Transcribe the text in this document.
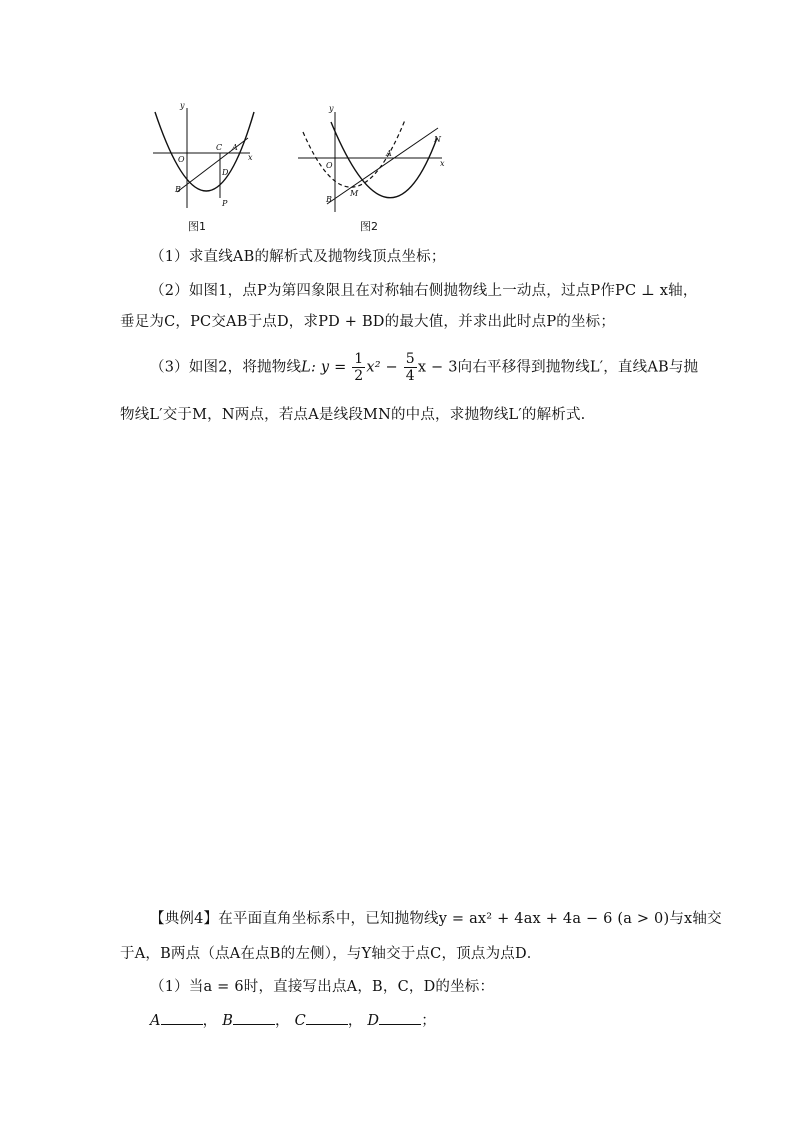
y
O	x
C A
D
B
P
图1
y
O	x
A
N
B
M
图2
（1）求直线AB的解析式及抛物线顶点坐标；
（2）如图1，点P为第四象限且在对称轴右侧抛物线上一动点，过点P作PC ⊥ x轴，
垂足为C，PC交AB于点D，求PD + BD的最大值，并求出此时点P的坐标；
（3）如图2，将抛物线L: $y = \frac{1}{2} x^2 - \frac{5}{4}$ x − 3向右平移得到抛物线L′，直线AB与抛
物线L′交于M，N两点，若点A是线段MN的中点，求抛物线L′的解析式.
【典例4】在平面直角坐标系中，已知抛物线y = ax² + 4ax + 4a − 6 (a > 0)与x轴交
于A，B两点（点A在点B的左侧），与Y轴交于点C，顶点为点D．
（1）当a = 6时，直接写出点A，B，C，D的坐标：
A	， B	， C	， D	；
